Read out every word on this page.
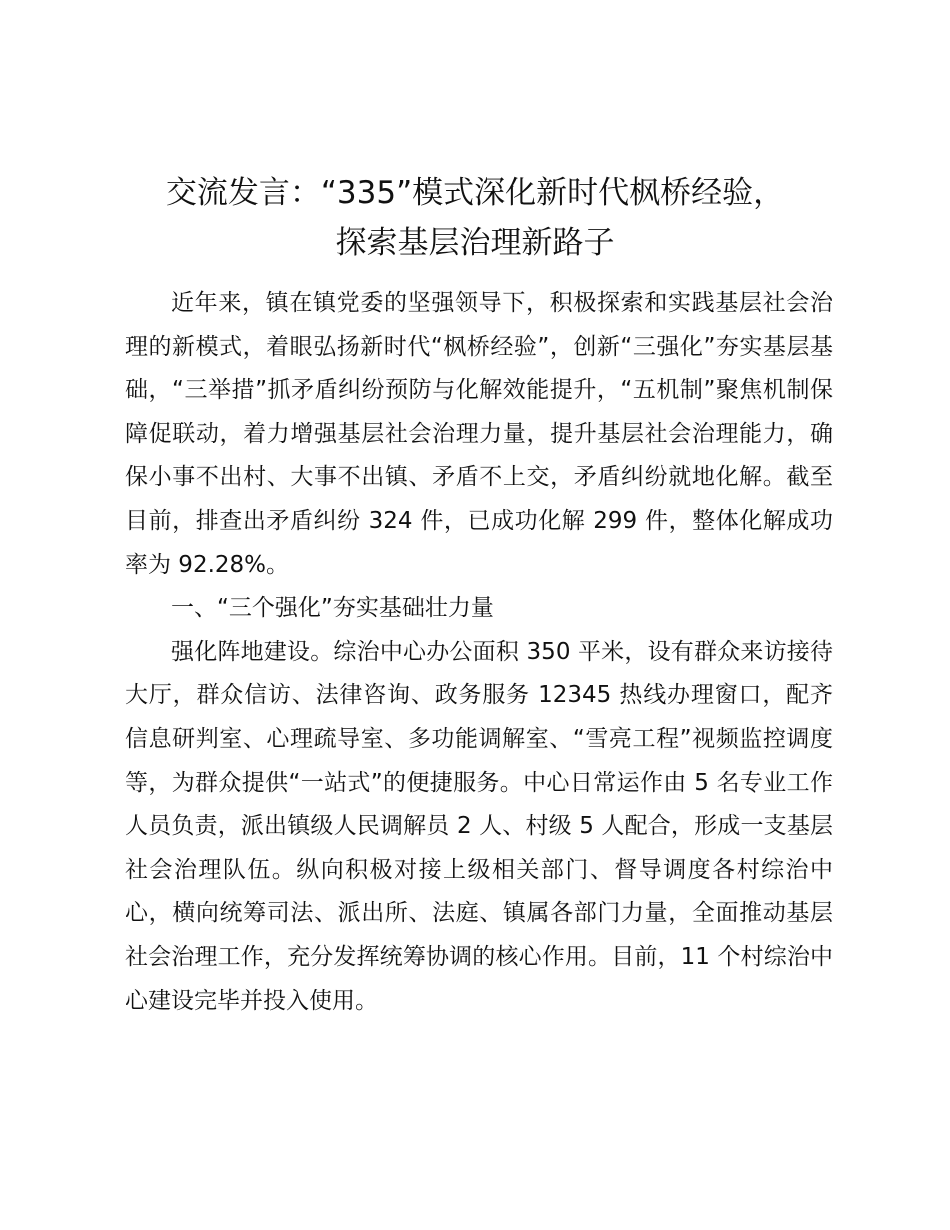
交流发言：“335”模式深化新时代枫桥经验，
探索基层治理新路子

近年来，镇在镇党委的坚强领导下，积极探索和实践基层社会治理的新模式，着眼弘扬新时代“枫桥经验”，创新“三强化”夯实基层基础，“三举措”抓矛盾纠纷预防与化解效能提升，“五机制”聚焦机制保障促联动，着力增强基层社会治理力量，提升基层社会治理能力，确保小事不出村、大事不出镇、矛盾不上交，矛盾纠纷就地化解。截至目前，排查出矛盾纠纷 324 件，已成功化解 299 件，整体化解成功率为 92.28%。

一、“三个强化”夯实基础壮力量

强化阵地建设。综治中心办公面积 350 平米，设有群众来访接待大厅，群众信访、法律咨询、政务服务 12345 热线办理窗口，配齐信息研判室、心理疏导室、多功能调解室、“雪亮工程”视频监控调度等，为群众提供“一站式”的便捷服务。中心日常运作由 5 名专业工作人员负责，派出镇级人民调解员 2 人、村级 5 人配合，形成一支基层社会治理队伍。纵向积极对接上级相关部门、督导调度各村综治中心，横向统筹司法、派出所、法庭、镇属各部门力量，全面推动基层社会治理工作，充分发挥统筹协调的核心作用。目前，11 个村综治中心建设完毕并投入使用。
